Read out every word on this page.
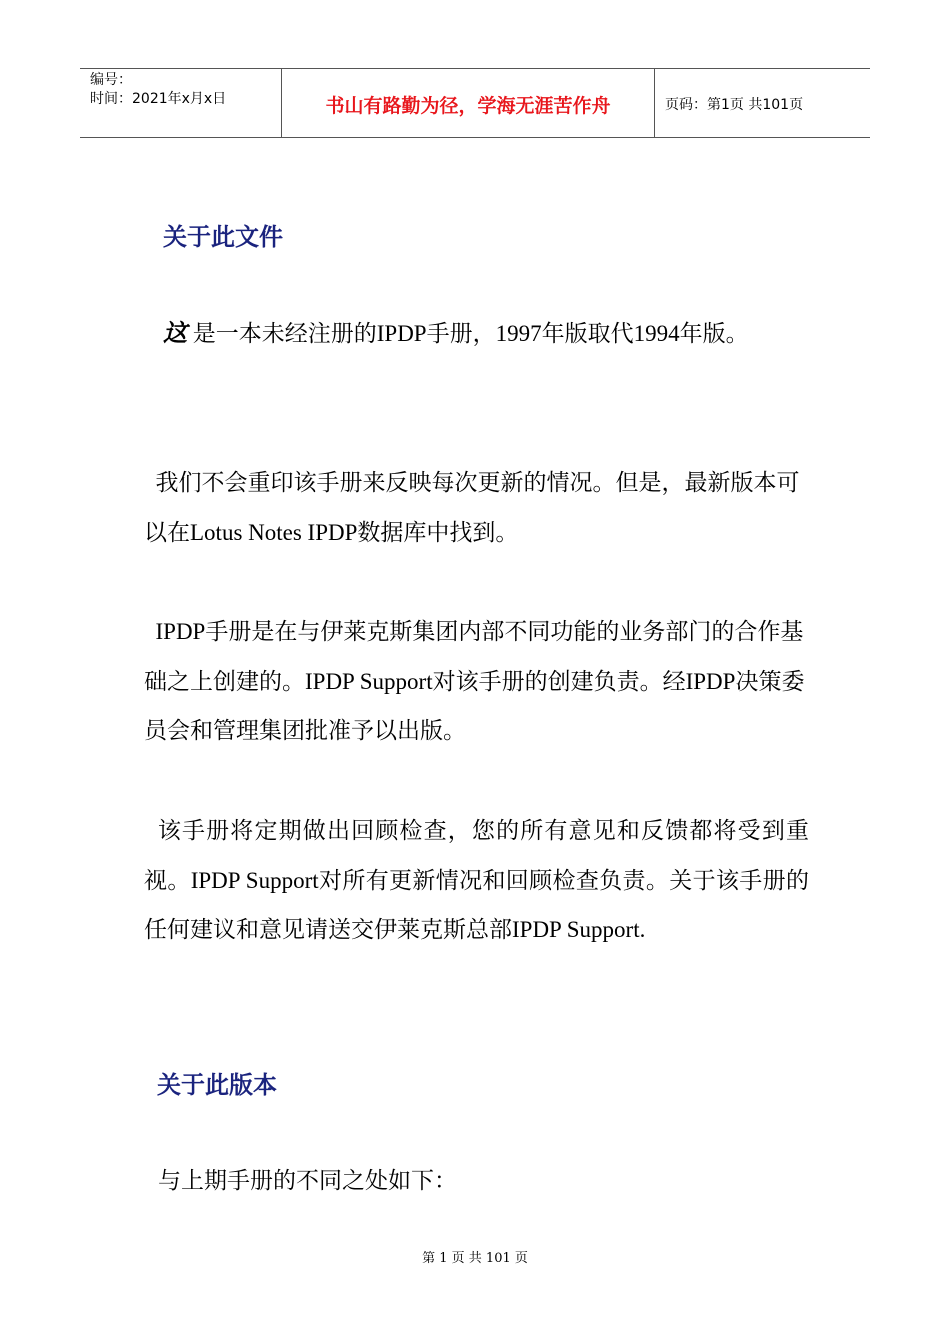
编号：
时间：2021年x月x日	书山有路勤为径，学海无涯苦作舟	页码：第1页 共101页
关于此文件

这 是一本未经注册的IPDP手册，1997年版取代1994年版。

我们不会重印该手册来反映每次更新的情况。但是，最新版本可以在Lotus Notes IPDP数据库中找到。

IPDP手册是在与伊莱克斯集团内部不同功能的业务部门的合作基础之上创建的。IPDP Support对该手册的创建负责。经IPDP决策委员会和管理集团批准予以出版。

该手册将定期做出回顾检查，您的所有意见和反馈都将受到重视。IPDP Support对所有更新情况和回顾检查负责。关于该手册的任何建议和意见请送交伊莱克斯总部IPDP Support.

关于此版本

与上期手册的不同之处如下：

第 1 页 共 101 页
